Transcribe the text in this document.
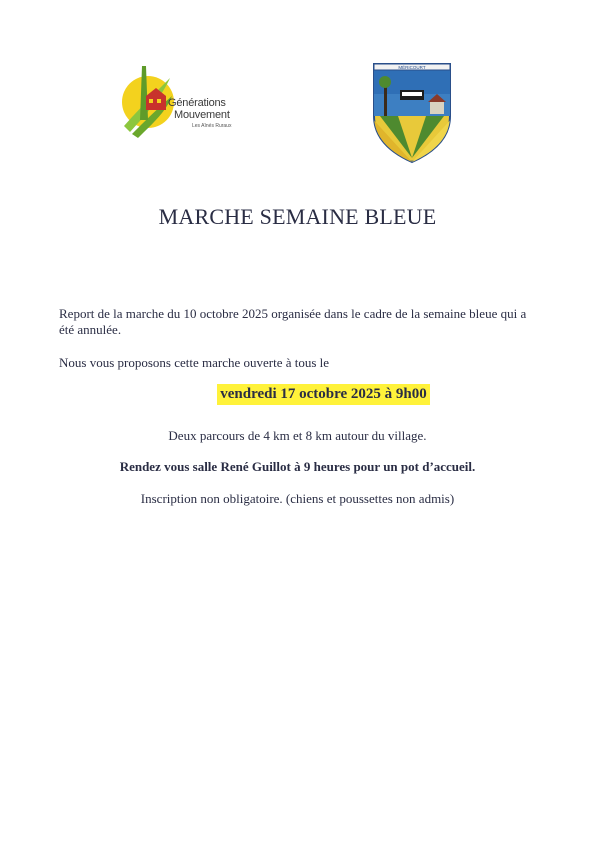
Générations
Mouvement
Les Aînés Ruraux
MÉRICOURT
MARCHE SEMAINE BLEUE
Report de la marche du 10 octobre 2025 organisée dans le cadre de la semaine bleue qui a été annulée.
Nous vous proposons cette marche ouverte à tous le
vendredi 17 octobre 2025 à 9h00
Deux parcours de 4 km et 8 km autour du village.
Rendez vous salle René Guillot à 9 heures pour un pot d’accueil.
Inscription non obligatoire. (chiens et poussettes non admis)
